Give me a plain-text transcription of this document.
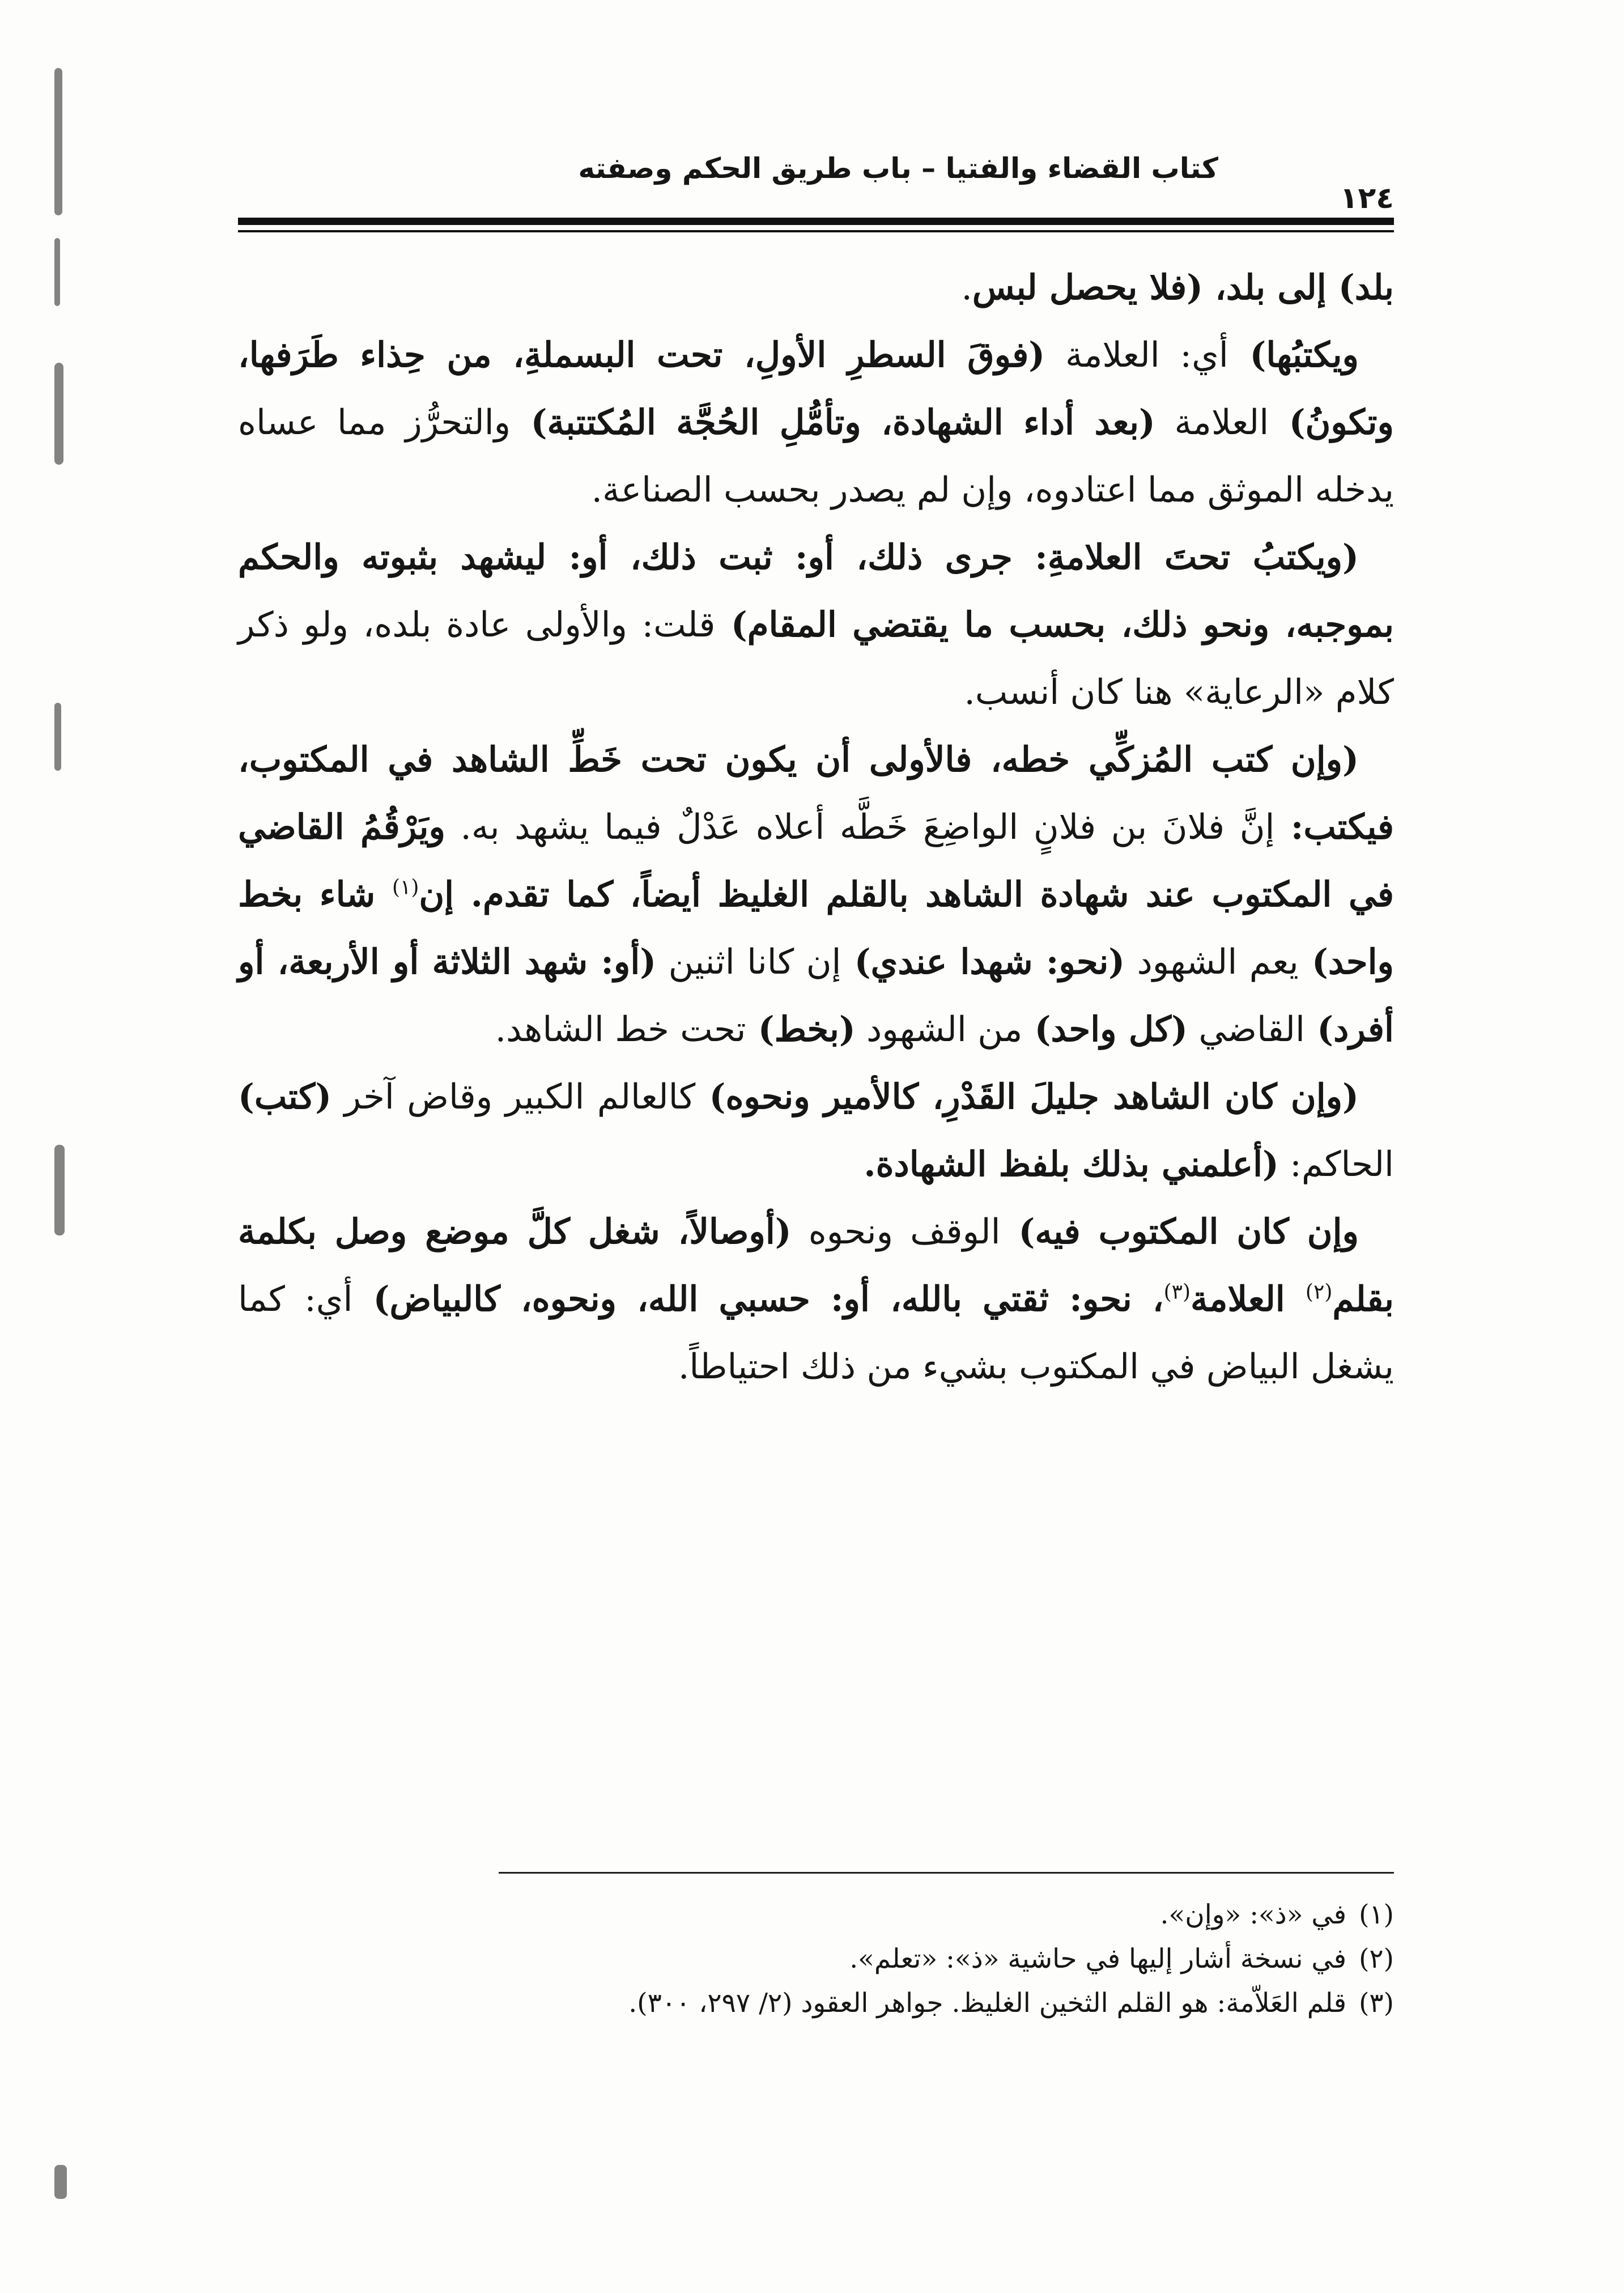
كتاب القضاء والفتيا – باب طريق الحكم وصفته
١٢٤

بلد) إلى بلد، (فلا يحصل لبس.

ويكتبُها) أي: العلامة (فوقَ السطرِ الأولِ، تحت البسملةِ، من حِذاء طَرَفها، وتكونُ) العلامة (بعد أداء الشهادة، وتأمُّلِ الحُجَّة المُكتتبة) والتحرُّز مما عساه يدخله الموثق مما اعتادوه، وإن لم يصدر بحسب الصناعة.

(ويكتبُ تحتَ العلامةِ: جرى ذلك، أو: ثبت ذلك، أو: ليشهد بثبوته والحكم بموجبه، ونحو ذلك، بحسب ما يقتضي المقام) قلت: والأولى عادة بلده، ولو ذكر كلام «الرعاية» هنا كان أنسب.

(وإن كتب المُزكِّي خطه، فالأولى أن يكون تحت خَطِّ الشاهد في المكتوب، فيكتب: إنَّ فلانَ بن فلانٍ الواضِعَ خَطَّه أعلاه عَدْلٌ فيما يشهد به. ويَرْقُمُ القاضي في المكتوب عند شهادة الشاهد بالقلم الغليظ أيضاً، كما تقدم. إن$^{(١)}$ شاء بخط واحد) يعم الشهود (نحو: شهدا عندي) إن كانا اثنين (أو: شهد الثلاثة أو الأربعة، أو أفرد) القاضي (كل واحد) من الشهود (بخط) تحت خط الشاهد.

(وإن كان الشاهد جليلَ القَدْرِ، كالأمير ونحوه) كالعالم الكبير وقاض آخر (كتب) الحاكم: (أعلمني بذلك بلفظ الشهادة.

وإن كان المكتوب فيه) الوقف ونحوه (أوصالاً، شغل كلَّ موضع وصل بكلمة بقلم$^{(٢)}$ العلامة$^{(٣)}$، نحو: ثقتي بالله، أو: حسبي الله، ونحوه، كالبياض) أي: كما يشغل البياض في المكتوب بشيء من ذلك احتياطاً.

(١)في «ذ»: «وإن».
(٢)في نسخة أشار إليها في حاشية «ذ»: «تعلم».
(٣)قلم العَلاّمة: هو القلم الثخين الغليظ. جواهر العقود (٢/ ٢٩٧، ٣٠٠).
